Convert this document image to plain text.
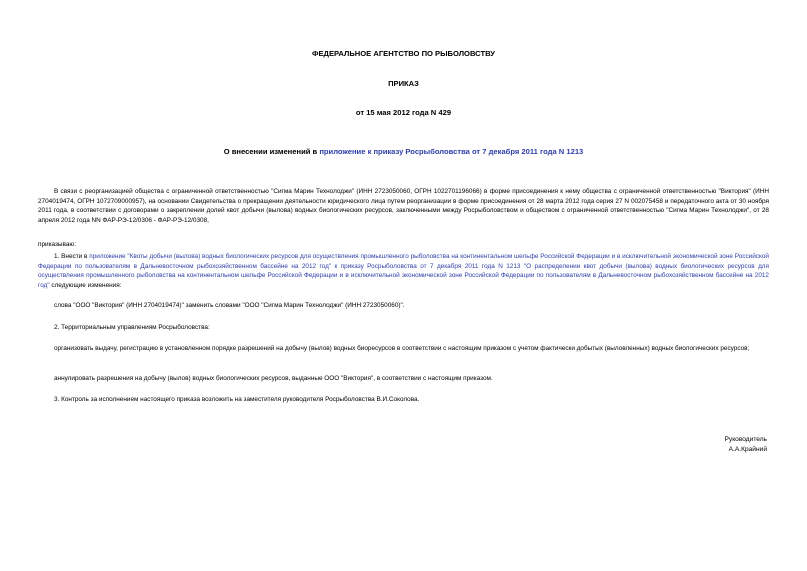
ФЕДЕРАЛЬНОЕ АГЕНТСТВО ПО РЫБОЛОВСТВУ
ПРИКАЗ
от 15 мая 2012 года N 429
О внесении изменений в приложение к приказу Росрыболовства от 7 декабря 2011 года N 1213
В связи с реорганизацией общества с ограниченной ответственностью "Сигма Марин Технолоджи" (ИНН 2723050060, ОГРН 1022701196066) в форме присоединения к нему общества с ограниченной ответственностью "Виктория" (ИНН 2704019474, ОГРН 1072709000957), на основании Свидетельства о прекращении деятельности юридического лица путем реорганизации в форме присоединения от 28 марта 2012 года серия 27 N 002075458 и передаточного акта от 30 ноября 2011 года, в соответствии с договорами о закреплении долей квот добычи (вылова) водных биологических ресурсов, заключенными между Росрыболовством и обществом с ограниченной ответственностью "Сигма Марин Технолоджи", от 28 апреля 2012 года NN ФАР-РЭ-12/0306 - ФАР-РЭ-12/0308,
приказываю:
1. Внести в приложение "Квоты добычи (вылова) водных биологических ресурсов для осуществления промышленного рыболовства на континентальном шельфе Российской Федерации и в исключительной экономической зоне Российской Федерации по пользователям в Дальневосточном рыбохозяйственном бассейне на 2012 год" к приказу Росрыболовства от 7 декабря 2011 года N 1213 "О распределении квот добычи (вылова) водных биологических ресурсов для осуществления промышленного рыболовства на континентальном шельфе Российской Федерации и в исключительной экономической зоне Российской Федерации по пользователям в Дальневосточном рыбохозяйственном бассейне на 2012 год" следующие изменения:
слова "ООО "Виктория" (ИНН 2704019474)" заменить словами "ООО "Сигма Марин Технолоджи" (ИНН 2723050060)".
2. Территориальным управлениям Росрыболовства:
организовать выдачу, регистрацию в установленном порядке разрешений на добычу (вылов) водных биоресурсов в соответствии с настоящим приказом с учетом фактически добытых (выловленных) водных биологических ресурсов;
аннулировать разрешения на добычу (вылов) водных биологических ресурсов, выданные ООО "Виктория", в соответствии с настоящим приказом.
3. Контроль за исполнением настоящего приказа возложить на заместителя руководителя Росрыболовства В.И.Соколова.
Руководитель
А.А.Крайний
